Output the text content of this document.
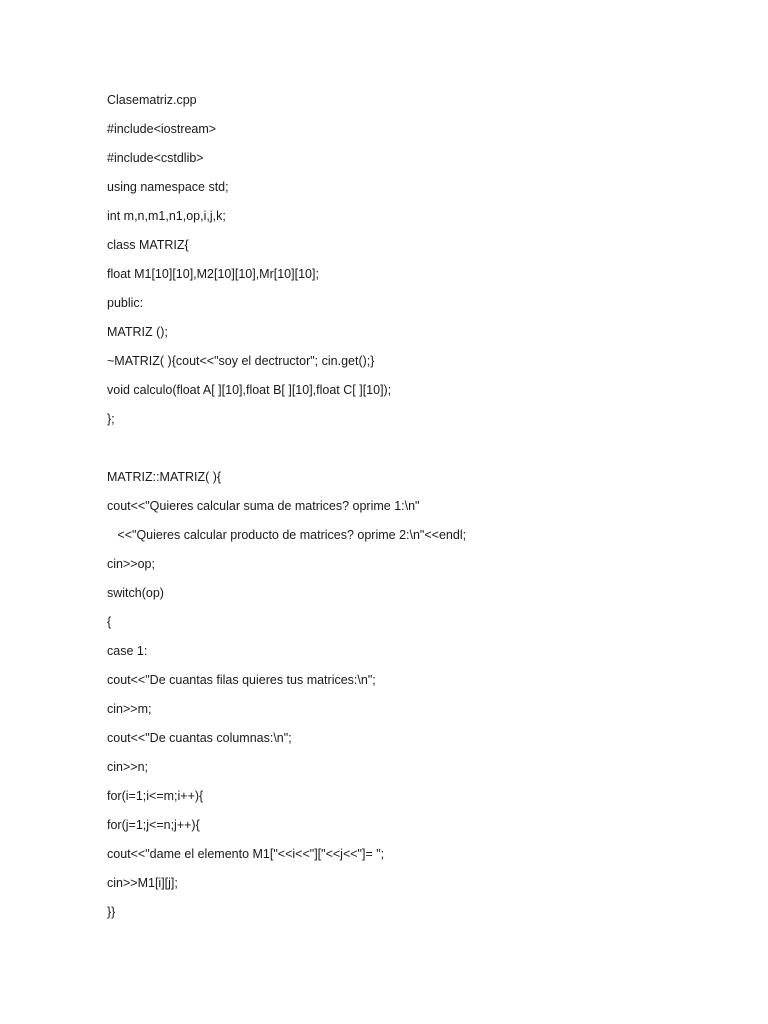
Clasematriz.cpp
#include<iostream>
#include<cstdlib>
using namespace std;
int m,n,m1,n1,op,i,j,k;
class MATRIZ{
float M1[10][10],M2[10][10],Mr[10][10];
public:
MATRIZ ();
~MATRIZ( ){cout<<"soy el dectructor"; cin.get();}
void calculo(float A[ ][10],float B[ ][10],float C[ ][10]);
};
MATRIZ::MATRIZ( ){
cout<<"Quieres calcular suma de matrices? oprime 1:\n"
<<"Quieres calcular producto de matrices? oprime 2:\n"<<endl;
cin>>op;
switch(op)
{
case 1:
cout<<"De cuantas filas quieres tus matrices:\n";
cin>>m;
cout<<"De cuantas columnas:\n";
cin>>n;
for(i=1;i<=m;i++){
for(j=1;j<=n;j++){
cout<<"dame el elemento M1["<<i<<"]["<<j<<"]= ";
cin>>M1[i][j];
}}
